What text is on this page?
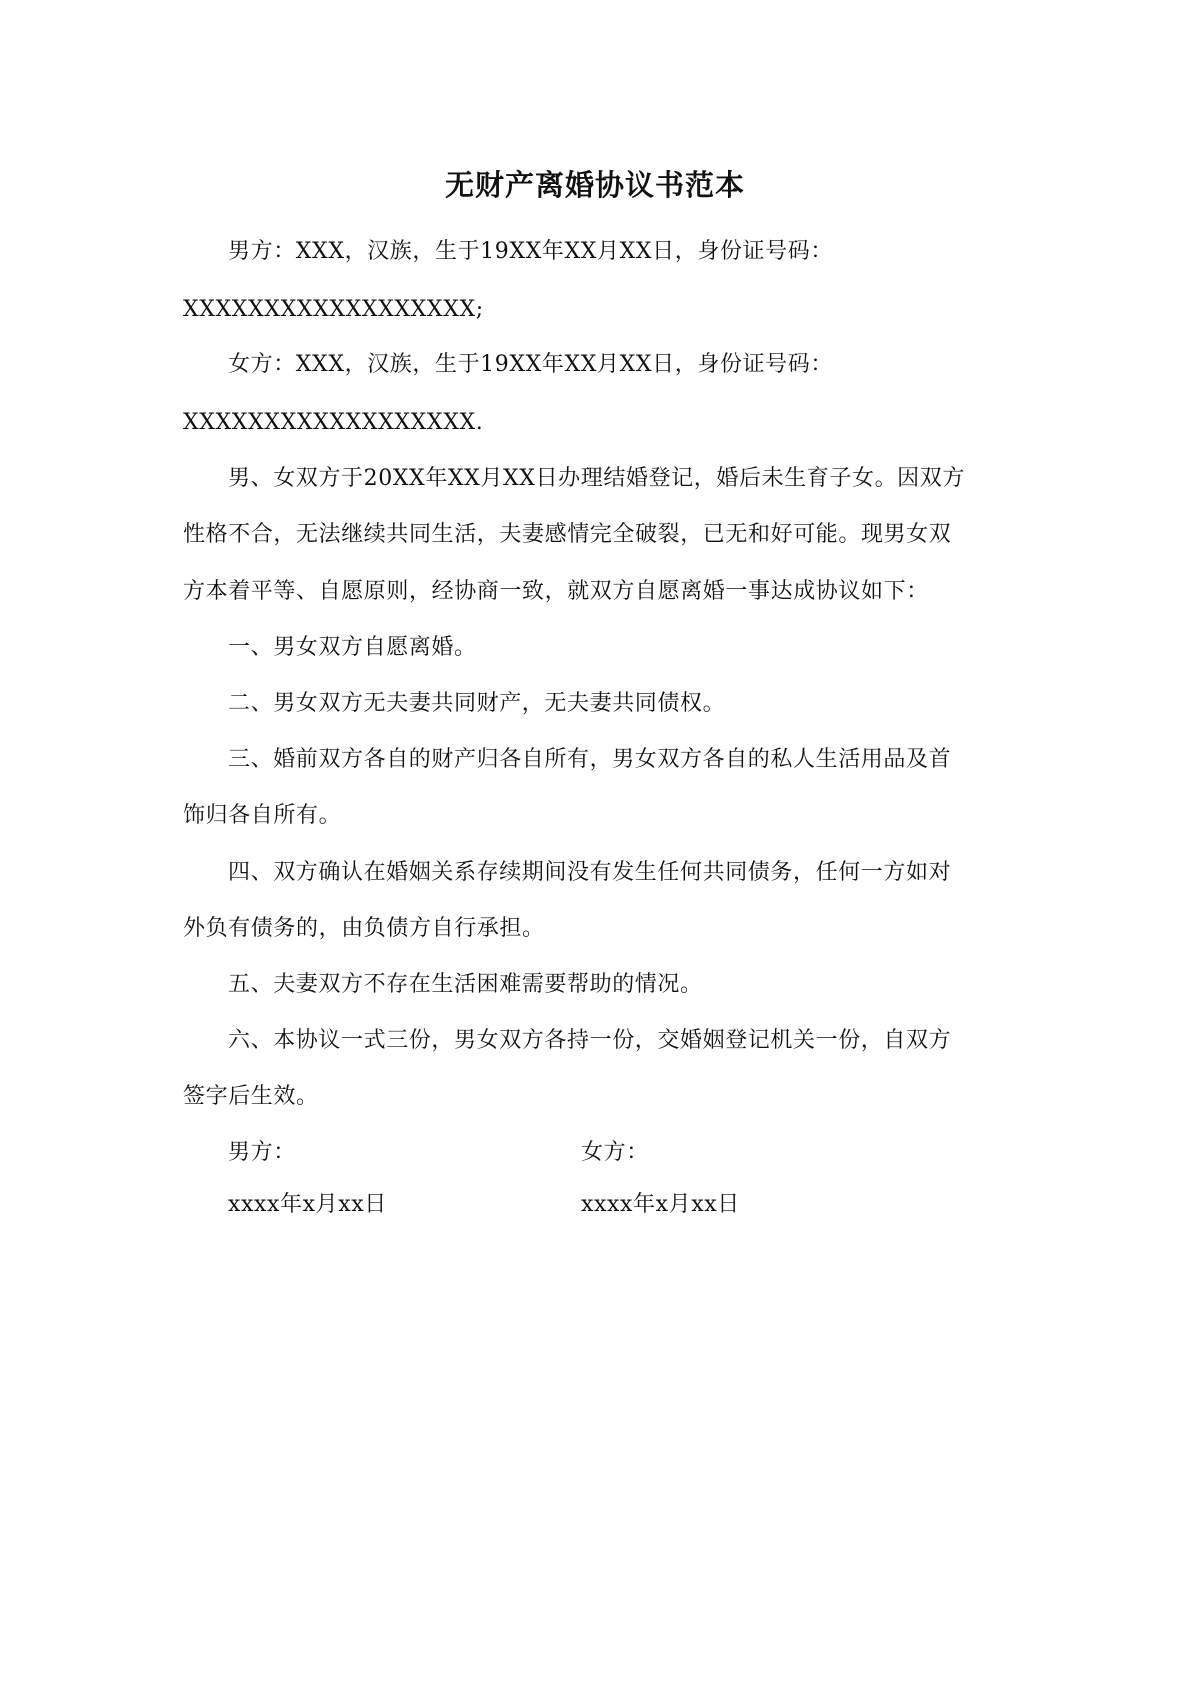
无财产离婚协议书范本
男方：XXX，汉族，生于19XX年XX月XX日，身份证号码：
XXXXXXXXXXXXXXXXXX;
女方：XXX，汉族，生于19XX年XX月XX日，身份证号码：
XXXXXXXXXXXXXXXXXX.
男、女双方于20XX年XX月XX日办理结婚登记，婚后未生育子女。因双方
性格不合，无法继续共同生活，夫妻感情完全破裂，已无和好可能。现男女双
方本着平等、自愿原则，经协商一致，就双方自愿离婚一事达成协议如下：
一、男女双方自愿离婚。
二、男女双方无夫妻共同财产，无夫妻共同债权。
三、婚前双方各自的财产归各自所有，男女双方各自的私人生活用品及首
饰归各自所有。
四、双方确认在婚姻关系存续期间没有发生任何共同债务，任何一方如对
外负有债务的，由负债方自行承担。
五、夫妻双方不存在生活困难需要帮助的情况。
六、本协议一式三份，男女双方各持一份，交婚姻登记机关一份，自双方
签字后生效。
男方：	女方：
xxxx年x月xx日	xxxx年x月xx日
